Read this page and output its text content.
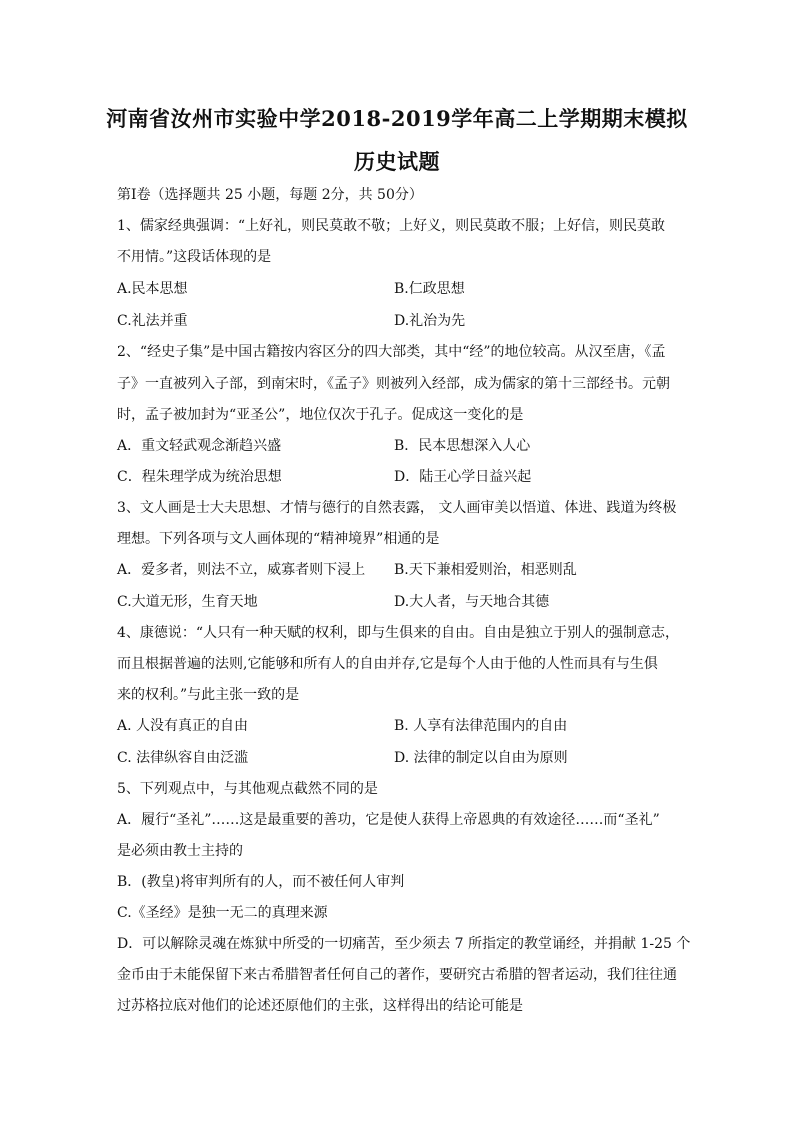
河南省汝州市实验中学2018-2019学年高二上学期期末模拟
历史试题
第Ⅰ卷（选择题共 25 小题，每题 2分，共 50分）
1、儒家经典强调：“上好礼，则民莫敢不敬；上好义，则民莫敢不服；上好信，则民莫敢
不用情。”这段话体现的是
A.民本思想	B.仁政思想
C.礼法并重	D.礼治为先
2、“经史子集”是中国古籍按内容区分的四大部类，其中“经”的地位较高。从汉至唐，《孟
子》一直被列入子部，到南宋时，《孟子》则被列入经部，成为儒家的第十三部经书。元朝
时，孟子被加封为“亚圣公”，地位仅次于孔子。促成这一变化的是
A．重文轻武观念渐趋兴盛	B．民本思想深入人心
C．程朱理学成为统治思想	D．陆王心学日益兴起
3、文人画是士大夫思想、才情与德行的自然表露， 文人画审美以悟道、体进、践道为终极
理想。下列各项与文人画体现的“精神境界”相通的是
A．爱多者，则法不立，威寡者则下浸上 B.天下兼相爱则治，相恶则乱
C.大道无形，生育天地	D.大人者，与天地合其德
4、康德说：“人只有一种天赋的权利，即与生俱来的自由。自由是独立于别人的强制意志，
而且根据普遍的法则,它能够和所有人的自由并存,它是每个人由于他的人性而具有与生俱
来的权利。”与此主张一致的是
A. 人没有真正的自由	B. 人享有法律范围内的自由
C. 法律纵容自由泛滥	D. 法律的制定以自由为原则
5、下列观点中，与其他观点截然不同的是
A．履行“圣礼”……这是最重要的善功，它是使人获得上帝恩典的有效途径……而“圣礼”
是必须由教士主持的
B．(教皇)将审判所有的人，而不被任何人审判
C.《圣经》是独一无二的真理来源
D．可以解除灵魂在炼狱中所受的一切痛苦，至少须去 7 所指定的教堂诵经，并捐献 1-25 个
金币由于未能保留下来古希腊智者任何自己的著作，要研究古希腊的智者运动，我们往往通
过苏格拉底对他们的论述还原他们的主张，这样得出的结论可能是
